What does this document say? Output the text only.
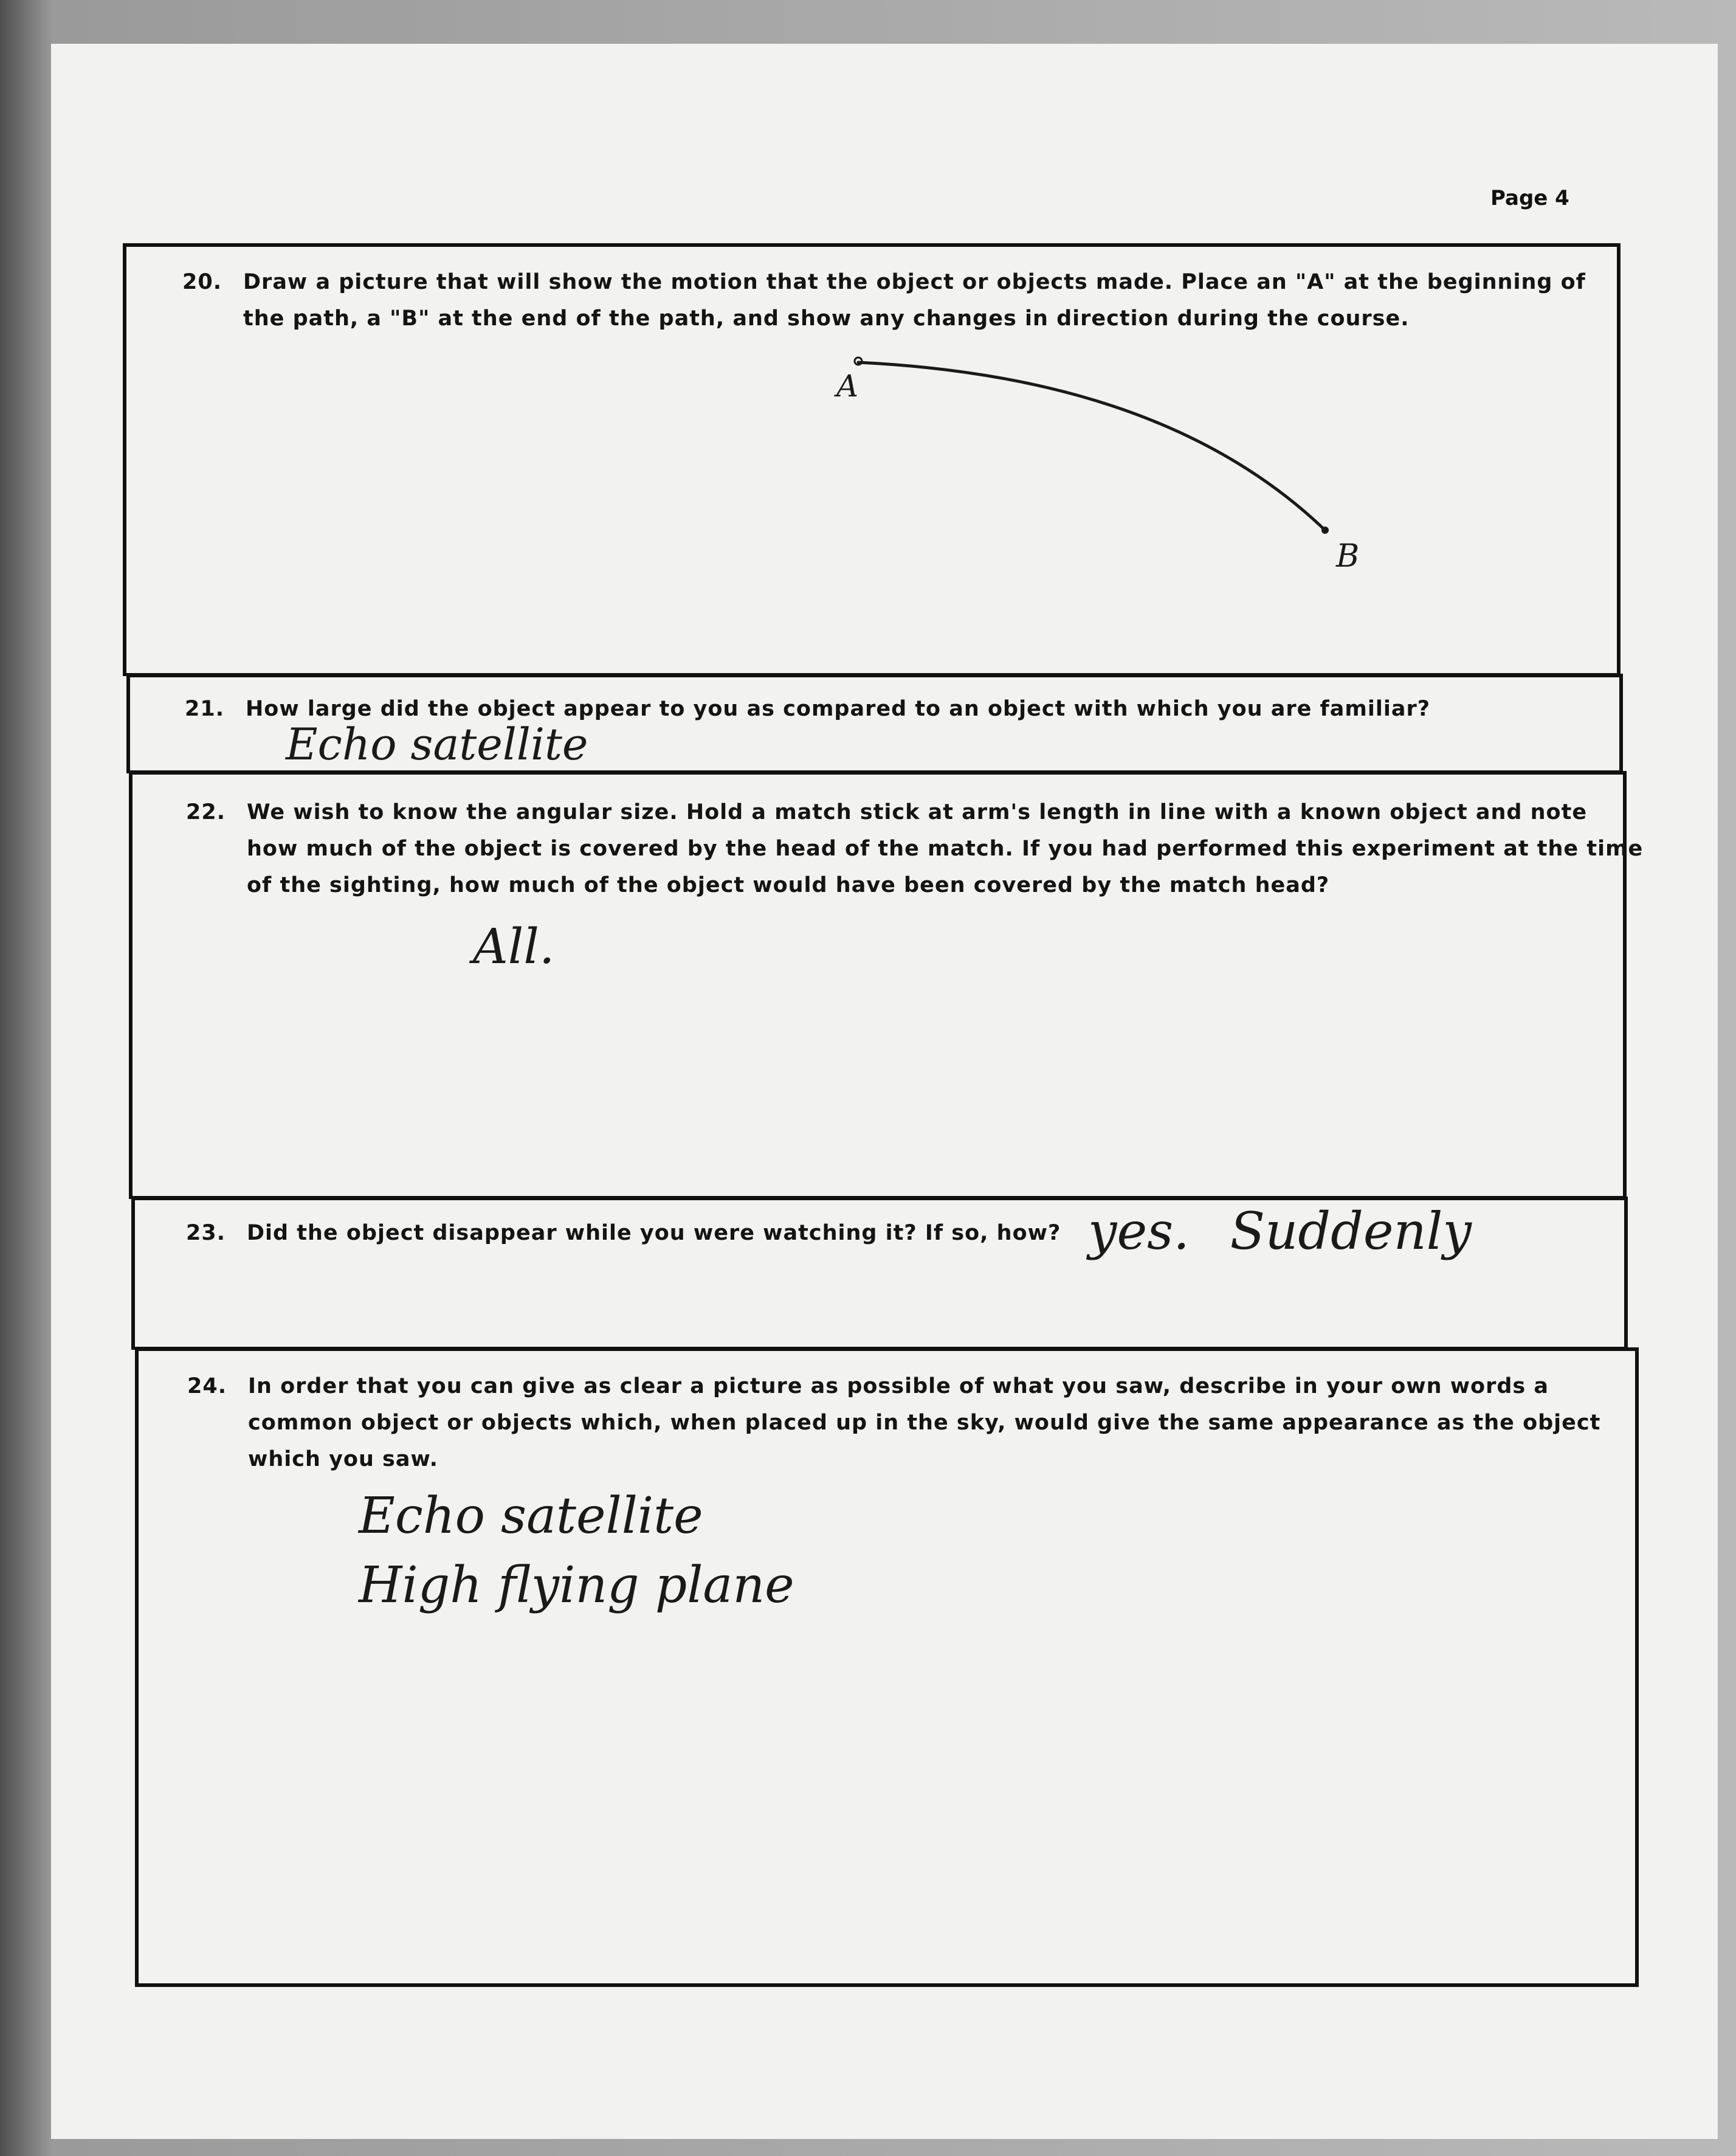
Page 4
20. Draw a picture that will show the motion that the object or objects made. Place an "A" at the beginning of
the path, a "B" at the end of the path, and show any changes in direction during the course.
A
B
21. How large did the object appear to you as compared to an object with which you are familiar?
Echo satellite
22. We wish to know the angular size. Hold a match stick at arm's length in line with a known object and note
how much of the object is covered by the head of the match. If you had performed this experiment at the time
of the sighting, how much of the object would have been covered by the match head?
All.
23. Did the object disappear while you were watching it? If so, how? yes. Suddenly
24. In order that you can give as clear a picture as possible of what you saw, describe in your own words a
common object or objects which, when placed up in the sky, would give the same appearance as the object
which you saw.
Echo satellite
High flying plane
